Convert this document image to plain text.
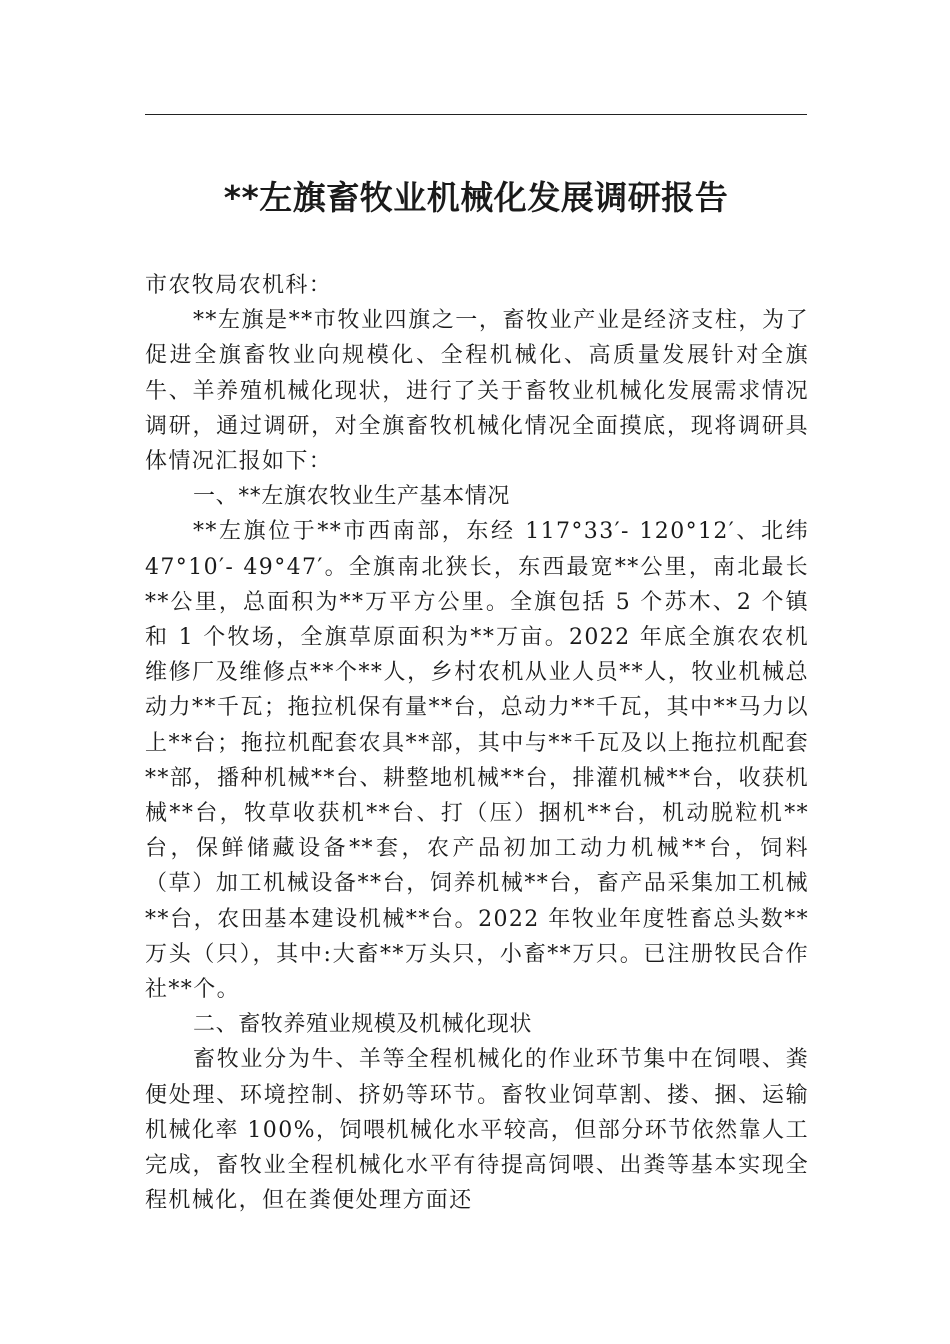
**左旗畜牧业机械化发展调研报告

市农牧局农机科：

**左旗是**市牧业四旗之一，畜牧业产业是经济支柱，为了促进全旗畜牧业向规模化、全程机械化、高质量发展针对全旗牛、羊养殖机械化现状，进行了关于畜牧业机械化发展需求情况调研，通过调研，对全旗畜牧机械化情况全面摸底，现将调研具体情况汇报如下：

一、**左旗农牧业生产基本情况

**左旗位于**市西南部，东经 117°33′- 120°12′、北纬 47°10′- 49°47′。全旗南北狭长，东西最宽**公里，南北最长**公里，总面积为**万平方公里。全旗包括 5 个苏木、2 个镇和 1 个牧场，全旗草原面积为**万亩。2022 年底全旗农农机维修厂及维修点**个**人，乡村农机从业人员**人，牧业机械总动力**千瓦；拖拉机保有量**台，总动力**千瓦，其中**马力以上**台；拖拉机配套农具**部，其中与**千瓦及以上拖拉机配套**部，播种机械**台、耕整地机械**台，排灌机械**台，收获机械**台，牧草收获机**台、打（压）捆机**台，机动脱粒机**台，保鲜储藏设备**套，农产品初加工动力机械**台，饲料（草）加工机械设备**台，饲养机械**台，畜产品采集加工机械**台，农田基本建设机械**台。2022 年牧业年度牲畜总头数**万头（只），其中:大畜**万头只，小畜**万只。已注册牧民合作社**个。

二、畜牧养殖业规模及机械化现状

畜牧业分为牛、羊等全程机械化的作业环节集中在饲喂、粪便处理、环境控制、挤奶等环节。畜牧业饲草割、搂、捆、运输机械化率 100%，饲喂机械化水平较高，但部分环节依然靠人工完成，畜牧业全程机械化水平有待提高饲喂、出粪等基本实现全程机械化，但在粪便处理方面还
